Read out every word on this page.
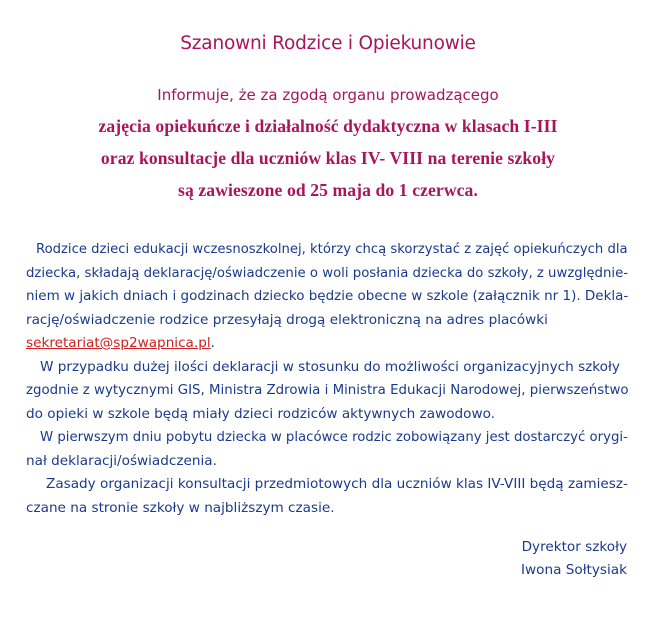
Szanowni Rodzice i Opiekunowie
Informuje, że za zgodą organu prowadzącego
zajęcia opiekuńcze i działalność dydaktyczna w klasach I-III
oraz konsultacje dla uczniów klas IV- VIII na terenie szkoły
są zawieszone od 25 maja do 1 czerwca.
Rodzice dzieci edukacji wczesnoszkolnej, którzy chcą skorzystać z zajęć opiekuńczych dla
dziecka, składają deklarację/oświadczenie o woli posłania dziecka do szkoły, z uwzględnie-
niem w jakich dniach i godzinach dziecko będzie obecne w szkole (załącznik nr 1). Dekla-
rację/oświadczenie rodzice przesyłają drogą elektroniczną na adres placówki
sekretariat@sp2wapnica.pl.
W przypadku dużej ilości deklaracji w stosunku do możliwości organizacyjnych szkoły
zgodnie z wytycznymi GIS, Ministra Zdrowia i Ministra Edukacji Narodowej, pierwszeństwo
do opieki w szkole będą miały dzieci rodziców aktywnych zawodowo.
W pierwszym dniu pobytu dziecka w placówce rodzic zobowiązany jest dostarczyć orygi-
nał deklaracji/oświadczenia.
Zasady organizacji konsultacji przedmiotowych dla uczniów klas IV-VIII będą zamiesz-
czane na stronie szkoły w najbliższym czasie.
Dyrektor szkoły
Iwona Sołtysiak
